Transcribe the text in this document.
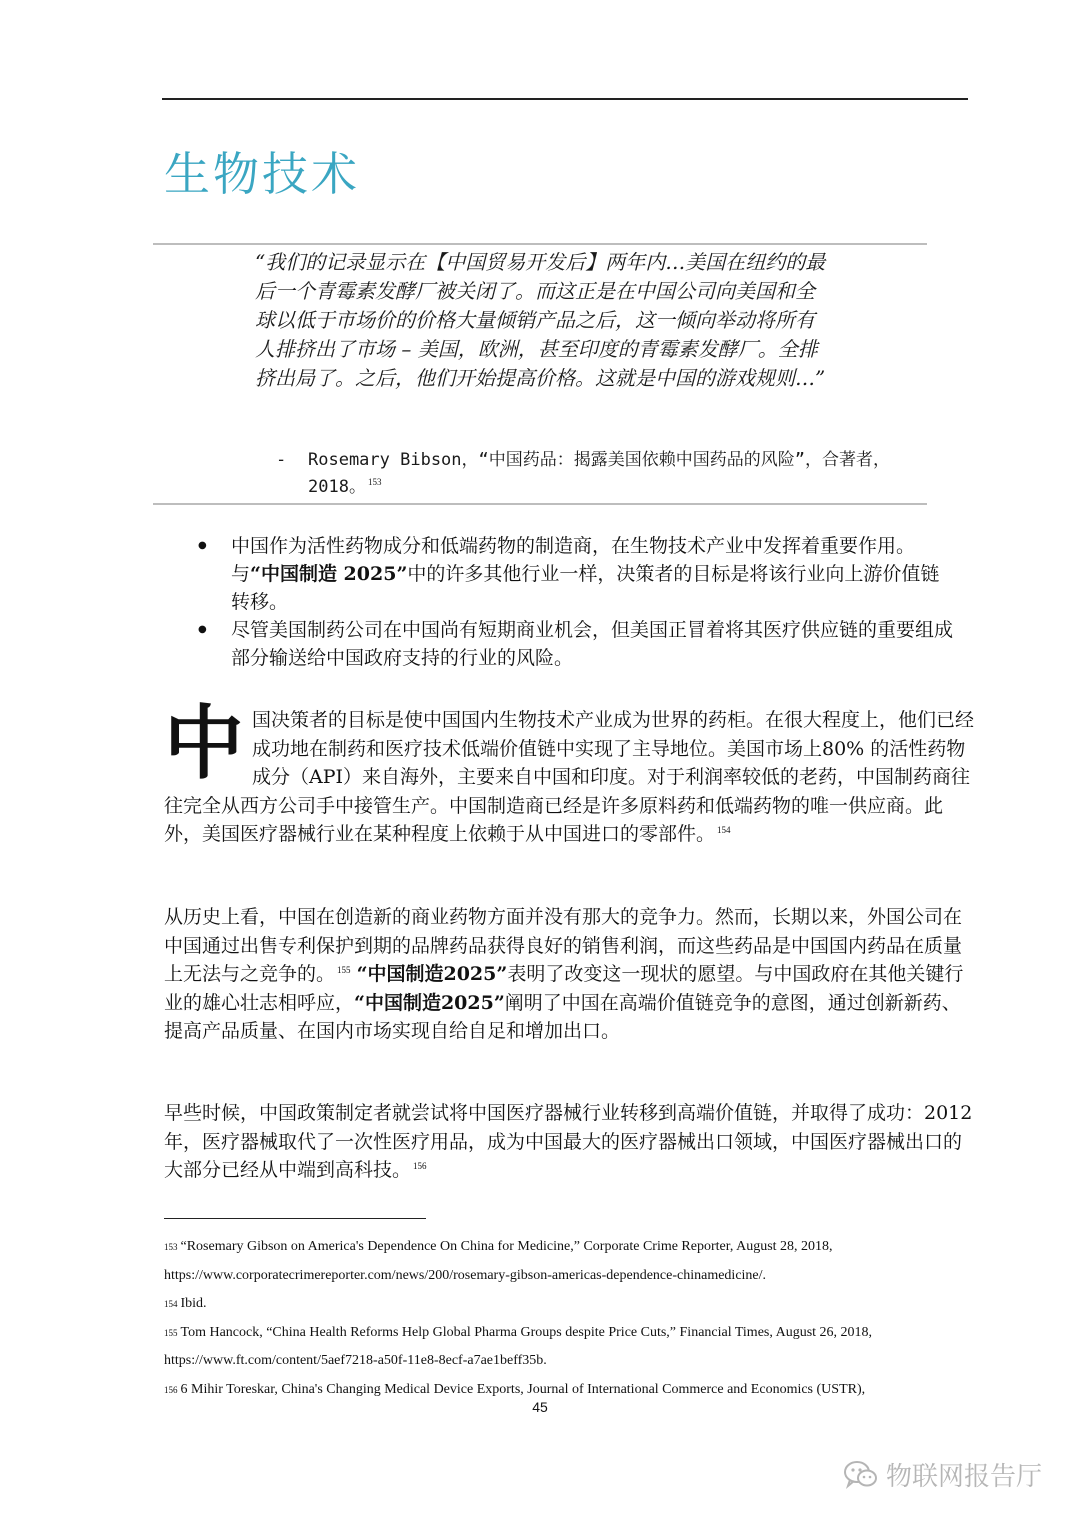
生物技术

“我们的记录显示在【中国贸易开发后】两年内…美国在纽约的最后一个青霉素发酵厂被关闭了。而这正是在中国公司向美国和全球以低于市场价的价格大量倾销产品之后，这一倾向举动将所有人排挤出了市场 – 美国，欧洲，甚至印度的青霉素发酵厂。全排挤出局了。之后，他们开始提高价格。这就是中国的游戏规则…”

-	Rosemary Bibson，“中国药品：揭露美国依赖中国药品的风险”，合著者，2018。 $^{153}$
● 中国作为活性药物成分和低端药物的制造商，在生物技术产业中发挥着重要作用。与“中国制造 2025”中的许多其他行业一样，决策者的目标是将该行业向上游价值链转移。
● 尽管美国制药公司在中国尚有短期商业机会，但美国正冒着将其医疗供应链的重要组成部分输送给中国政府支持的行业的风险。

中国决策者的目标是使中国国内生物技术产业成为世界的药柜。在很大程度上，他们已经成功地在制药和医疗技术低端价值链中实现了主导地位。美国市场上80% 的活性药物成分（API）来自海外，主要来自中国和印度。对于利润率较低的老药，中国制药商往往完全从西方公司手中接管生产。中国制造商已经是许多原料药和低端药物的唯一供应商。此外，美国医疗器械行业在某种程度上依赖于从中国进口的零部件。 $^{154}$

从历史上看，中国在创造新的商业药物方面并没有那大的竞争力。然而，长期以来，外国公司在中国通过出售专利保护到期的品牌药品获得良好的销售利润，而这些药品是中国国内药品在质量上无法与之竞争的。 $^{155}$ “中国制造2025”表明了改变这一现状的愿望。与中国政府在其他关键行业的雄心壮志相呼应，“中国制造2025”阐明了中国在高端价值链竞争的意图，通过创新新药、提高产品质量、在国内市场实现自给自足和增加出口。

早些时候，中国政策制定者就尝试将中国医疗器械行业转移到高端价值链，并取得了成功：2012年，医疗器械取代了一次性医疗用品，成为中国最大的医疗器械出口领域，中国医疗器械出口的大部分已经从中端到高科技。 $^{156}$

$^{153}$ “Rosemary Gibson on America's Dependence On China for Medicine,” Corporate Crime Reporter, August 28, 2018,
https://www.corporatecrimereporter.com/news/200/rosemary-gibson-americas-dependence-chinamedicine/.
$^{154}$ Ibid.
$^{155}$ Tom Hancock, “China Health Reforms Help Global Pharma Groups despite Price Cuts,” Financial Times, August 26, 2018,
https://www.ft.com/content/5aef7218-a50f-11e8-8ecf-a7ae1beff35b.
$^{156}$ 6 Mihir Toreskar, China's Changing Medical Device Exports, Journal of International Commerce and Economics (USTR),
45
物联网报告厅
